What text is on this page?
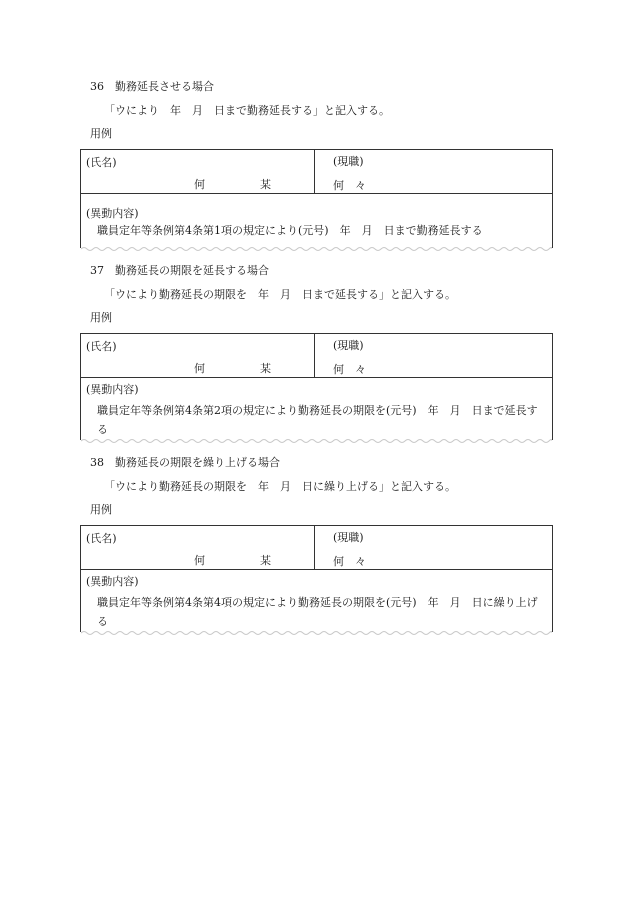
36　勤務延長させる場合
「ウにより　年　月　日まで勤務延長する」と記入する。
用例
(氏名)
何　　　　　某
(現職)
何　々
(異動内容)
職員定年等条例第4条第1項の規定により(元号)　年　月　日まで勤務延長する
37　勤務延長の期限を延長する場合
「ウにより勤務延長の期限を　年　月　日まで延長する」と記入する。
用例
(氏名)
何　　　　　某
(現職)
何　々
(異動内容)
職員定年等条例第4条第2項の規定により勤務延長の期限を(元号)　年　月　日まで延長する
38　勤務延長の期限を繰り上げる場合
「ウにより勤務延長の期限を　年　月　日に繰り上げる」と記入する。
用例
(氏名)
何　　　　　某
(現職)
何　々
(異動内容)
職員定年等条例第4条第4項の規定により勤務延長の期限を(元号)　年　月　日に繰り上げる
